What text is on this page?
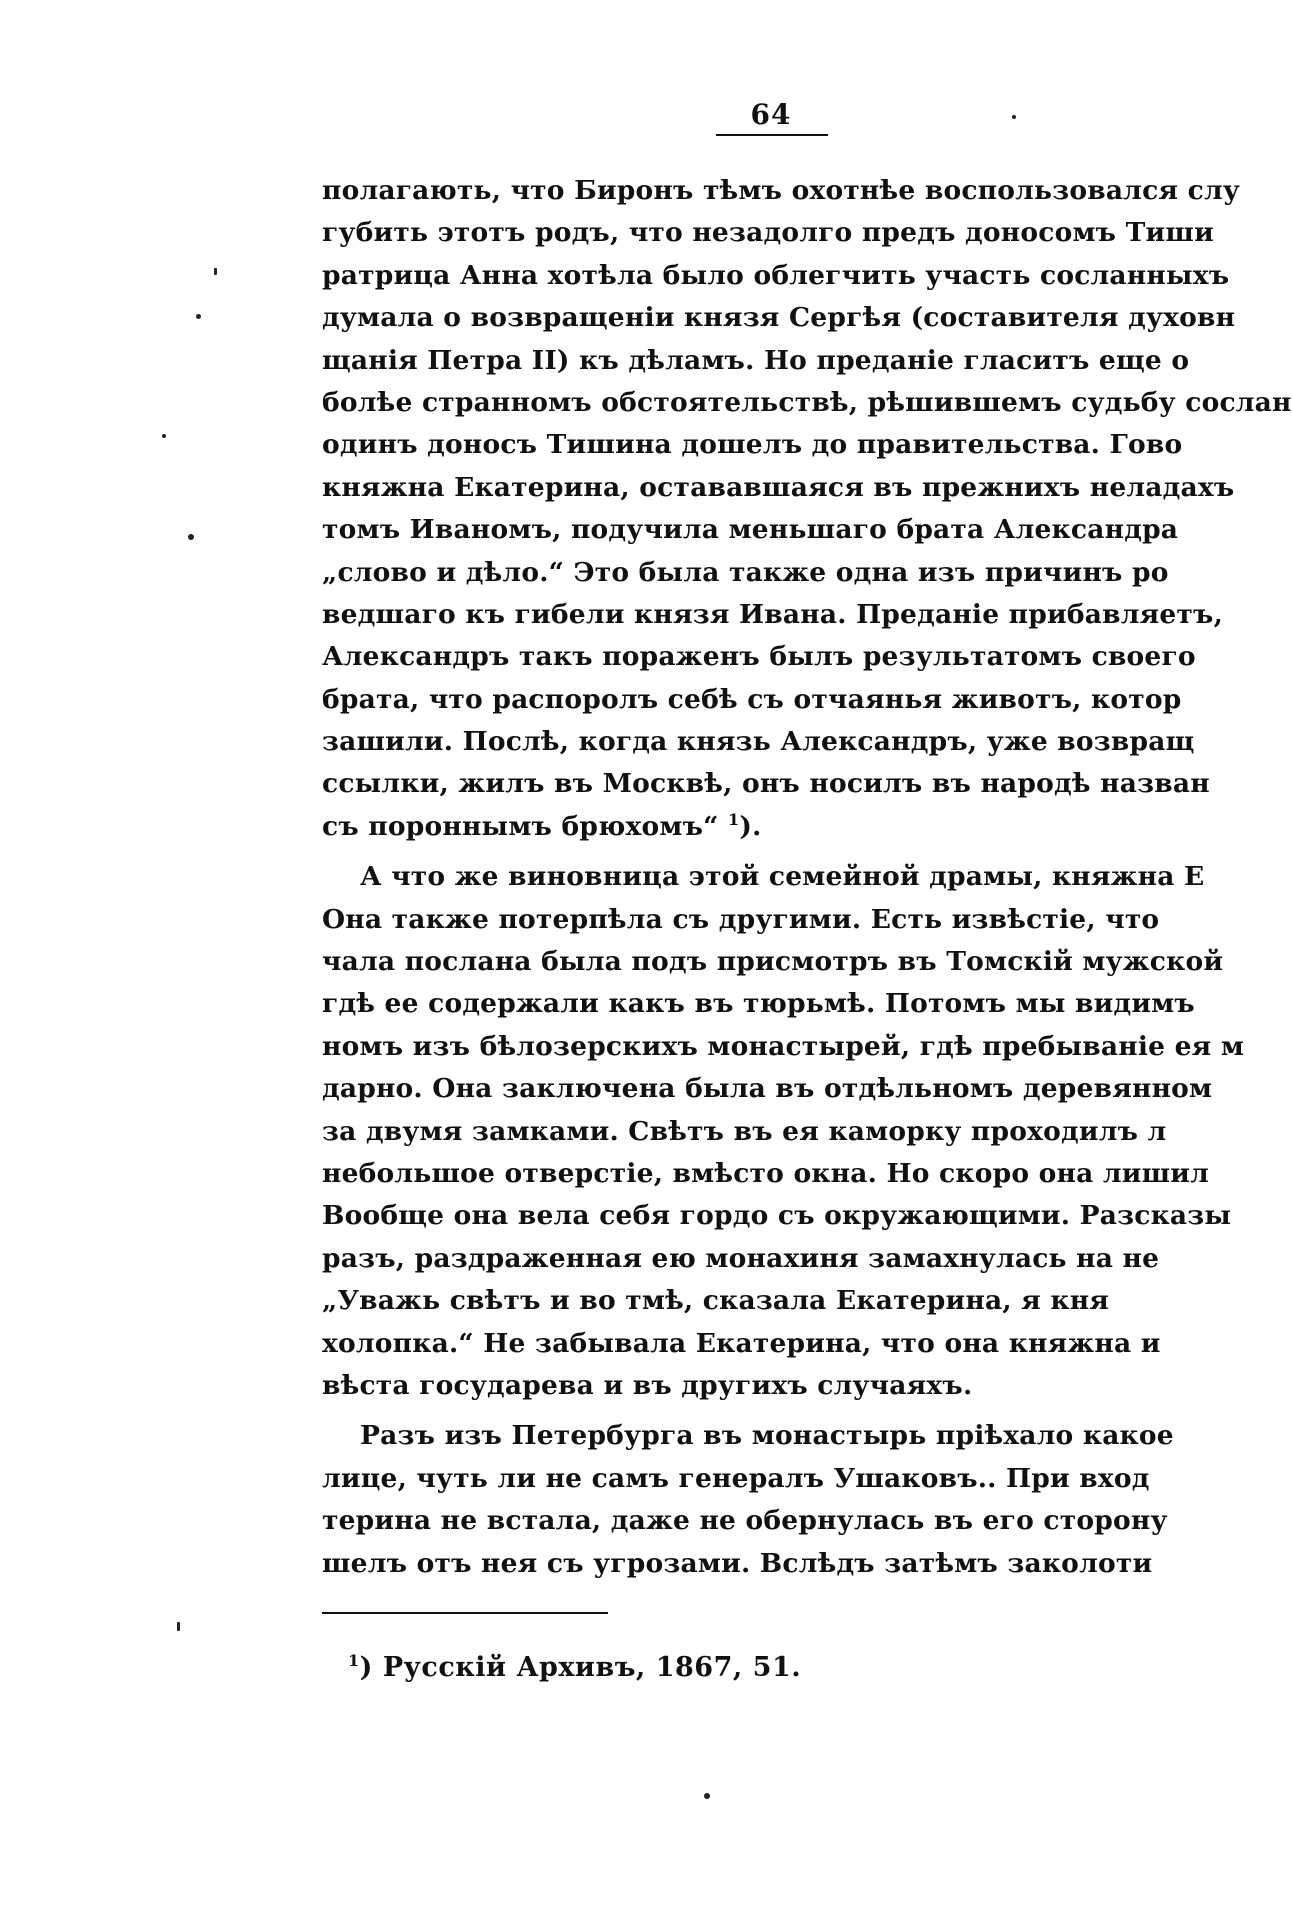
64
полагають, что Биронъ тѣмъ охотнѣе воспользовался слу
губить этотъ родъ, что незадолго предъ доносомъ Тиши
ратрица Анна хотѣла было облегчить участь сосланныхъ
думала о возвращеніи князя Сергѣя (составителя духовн
щанія Петра II) къ дѣламъ. Но преданіе гласитъ еще о
болѣе странномъ обстоятельствѣ, рѣшившемъ судьбу сослан
одинъ доносъ Тишина дошелъ до правительства. Гово
княжна Екатерина, остававшаяся въ прежнихъ неладахъ
томъ Иваномъ, подучила меньшаго брата Александра
„слово и дѣло.“ Это была также одна изъ причинъ ро
ведшаго къ гибели князя Ивана. Преданіе прибавляетъ,
Александръ такъ пораженъ былъ результатомъ своего
брата, что распоролъ себѣ съ отчаянья животъ, котор
зашили. Послѣ, когда князь Александръ, уже возвращ
ссылки, жилъ въ Москвѣ, онъ носилъ въ народѣ назван
съ пороннымъ брюхомъ“ $^1$).
А что же виновница этой семейной драмы, княжна Е
Она также потерпѣла съ другими. Есть извѣстіе, что
чала послана была подъ присмотръ въ Томскій мужской
гдѣ ее содержали какъ въ тюрьмѣ. Потомъ мы видимъ
номъ изъ бѣлозерскихъ монастырей, гдѣ пребываніе ея м
дарно. Она заключена была въ отдѣльномъ деревянном
за двумя замками. Свѣтъ въ ея каморку проходилъ л
небольшое отверстіе, вмѣсто окна. Но скоро она лишил
Вообще она вела себя гордо съ окружающими. Разсказы
разъ, раздраженная ею монахиня замахнулась на не
„Уважь свѣтъ и во тмѣ, сказала Екатерина, я кня
холопка.“ Не забывала Екатерина, что она княжна и
вѣста государева и въ другихъ случаяхъ.
Разъ изъ Петербурга въ монастырь пріѣхало какое
лице, чуть ли не самъ генералъ Ушаковъ.. При вход
терина не встала, даже не обернулась въ его сторону
шелъ отъ нея съ угрозами. Вслѣдъ затѣмъ заколоти
$^1$) Русскій Архивъ, 1867, 51.
